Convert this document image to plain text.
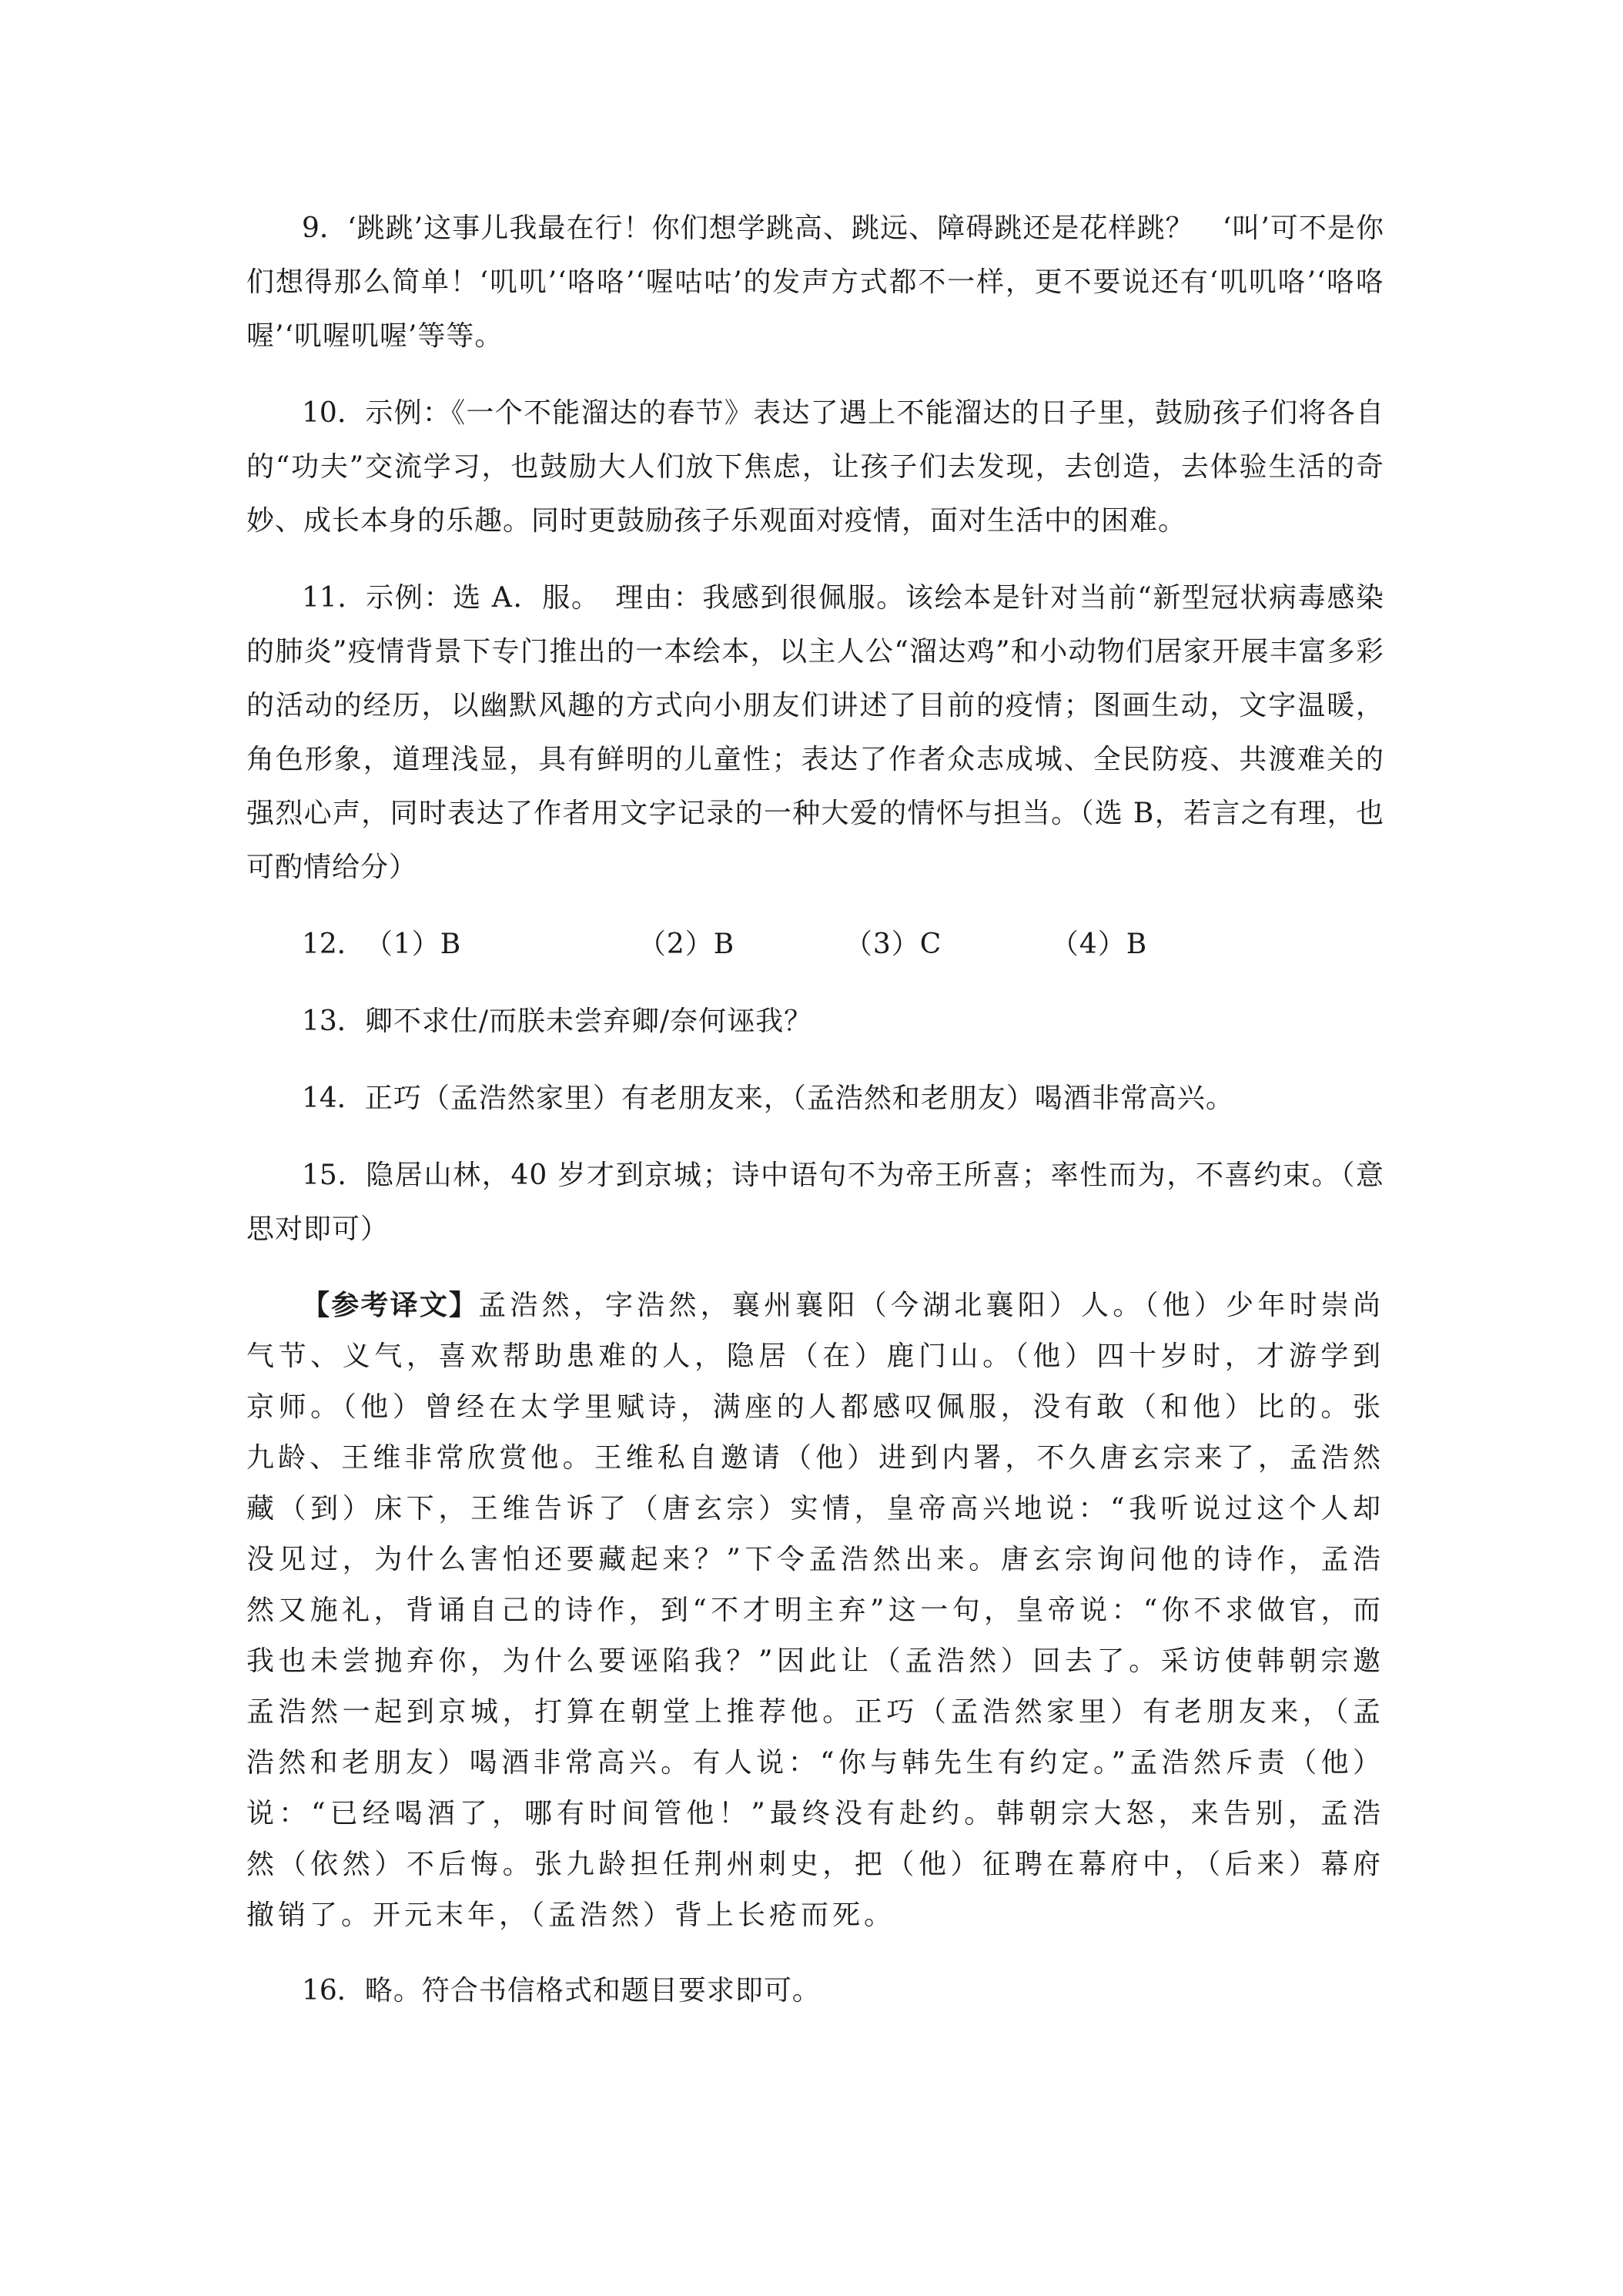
9．‘跳跳’这事儿我最在行！你们想学跳高、跳远、障碍跳还是花样跳？　‘叫’可不是你们想得那么简单！‘叽叽’‘咯咯’‘喔咕咕’的发声方式都不一样，更不要说还有‘叽叽咯’‘咯咯喔’‘叽喔叽喔’等等。

10．示例：《一个不能溜达的春节》表达了遇上不能溜达的日子里，鼓励孩子们将各自的“功夫”交流学习，也鼓励大人们放下焦虑，让孩子们去发现，去创造，去体验生活的奇妙、成长本身的乐趣。同时更鼓励孩子乐观面对疫情，面对生活中的困难。

11．示例：选 A．服。　理由：我感到很佩服。该绘本是针对当前“新型冠状病毒感染的肺炎”疫情背景下专门推出的一本绘本，以主人公“溜达鸡”和小动物们居家开展丰富多彩的活动的经历，以幽默风趣的方式向小朋友们讲述了目前的疫情；图画生动，文字温暖，角色形象，道理浅显，具有鲜明的儿童性；表达了作者众志成城、全民防疫、共渡难关的强烈心声，同时表达了作者用文字记录的一种大爱的情怀与担当。（选 B，若言之有理，也可酌情给分）

12．（1）B	（2）B	（3）C	（4）B

13．卿不求仕/而朕未尝弃卿/奈何诬我？

14．正巧（孟浩然家里）有老朋友来，（孟浩然和老朋友）喝酒非常高兴。

15．隐居山林，40 岁才到京城；诗中语句不为帝王所喜；率性而为，不喜约束。（意思对即可）

【参考译文】孟浩然，字浩然，襄州襄阳（今湖北襄阳）人。（他）少年时崇尚气节、义气，喜欢帮助患难的人，隐居（在）鹿门山。（他）四十岁时，才游学到京师。（他）曾经在太学里赋诗，满座的人都感叹佩服，没有敢（和他）比的。张九龄、王维非常欣赏他。王维私自邀请（他）进到内署，不久唐玄宗来了，孟浩然藏（到）床下，王维告诉了（唐玄宗）实情，皇帝高兴地说：“我听说过这个人却没见过，为什么害怕还要藏起来？”下令孟浩然出来。唐玄宗询问他的诗作，孟浩然又施礼，背诵自己的诗作，到“不才明主弃”这一句，皇帝说：“你不求做官，而我也未尝抛弃你，为什么要诬陷我？”因此让（孟浩然）回去了。采访使韩朝宗邀孟浩然一起到京城，打算在朝堂上推荐他。正巧（孟浩然家里）有老朋友来，（孟浩然和老朋友）喝酒非常高兴。有人说：“你与韩先生有约定。”孟浩然斥责（他）说：“已经喝酒了，哪有时间管他！”最终没有赴约。韩朝宗大怒，来告别，孟浩然（依然）不后悔。张九龄担任荆州刺史，把（他）征聘在幕府中，（后来）幕府撤销了。开元末年，（孟浩然）背上长疮而死。

16．略。符合书信格式和题目要求即可。
